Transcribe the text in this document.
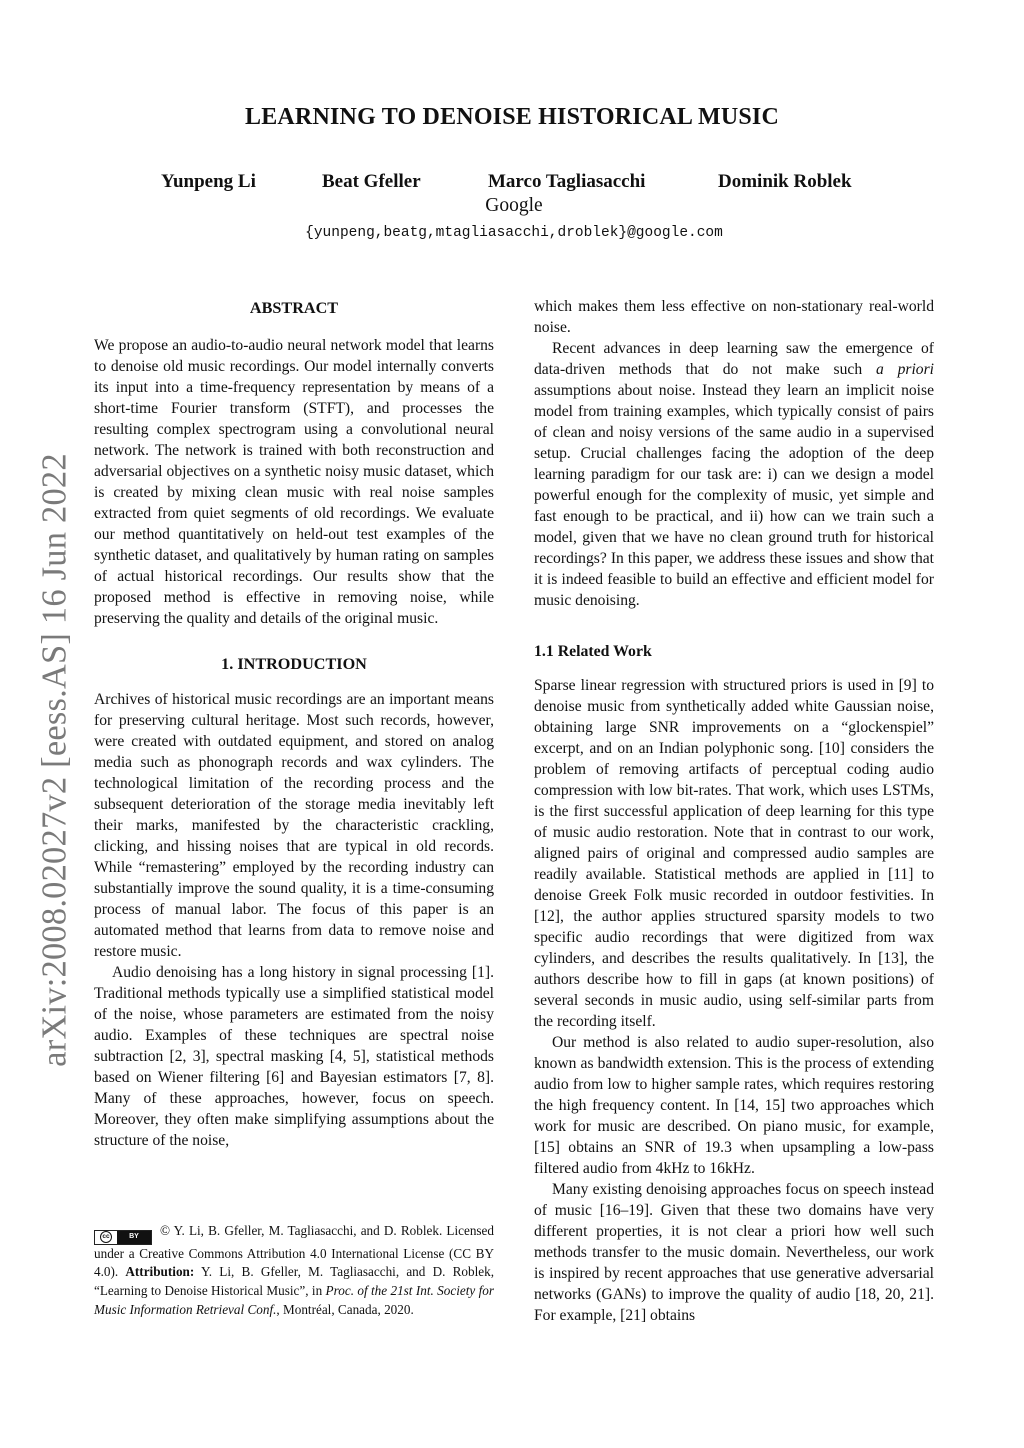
arXiv:2008.02027v2 [eess.AS] 16 Jun 2022
LEARNING TO DENOISE HISTORICAL MUSIC
Yunpeng Li	Beat Gfeller	Marco Tagliasacchi	Dominik Roblek
Google
{yunpeng,beatg,mtagliasacchi,droblek}@google.com
ABSTRACT

We propose an audio-to-audio neural network model that learns to denoise old music recordings. Our model internally converts its input into a time-frequency representation by means of a short-time Fourier transform (STFT), and processes the resulting complex spectrogram using a convolutional neural network. The network is trained with both reconstruction and adversarial objectives on a synthetic noisy music dataset, which is created by mixing clean music with real noise samples extracted from quiet segments of old recordings. We evaluate our method quantitatively on held-out test examples of the synthetic dataset, and qualitatively by human rating on samples of actual historical recordings. Our results show that the proposed method is effective in removing noise, while preserving the quality and details of the original music.

1. INTRODUCTION

Archives of historical music recordings are an important means for preserving cultural heritage. Most such records, however, were created with outdated equipment, and stored on analog media such as phonograph records and wax cylinders. The technological limitation of the recording process and the subsequent deterioration of the storage media inevitably left their marks, manifested by the characteristic crackling, clicking, and hissing noises that are typical in old records. While “remastering” employed by the recording industry can substantially improve the sound quality, it is a time-consuming process of manual labor. The focus of this paper is an automated method that learns from data to remove noise and restore music.

Audio denoising has a long history in signal processing [1]. Traditional methods typically use a simplified statistical model of the noise, whose parameters are estimated from the noisy audio. Examples of these techniques are spectral noise subtraction [2, 3], spectral masking [4, 5], statistical methods based on Wiener filtering [6] and Bayesian estimators [7, 8]. Many of these approaches, however, focus on speech. Moreover, they often make simplifying assumptions about the structure of the noise,

cc	BY	© Y. Li, B. Gfeller, M. Tagliasacchi, and D. Roblek. Licensed under a Creative Commons Attribution 4.0 International License (CC BY 4.0). Attribution: Y. Li, B. Gfeller, M. Tagliasacchi, and D. Roblek, “Learning to Denoise Historical Music”, in Proc. of the 21st Int. Society for Music Information Retrieval Conf., Montréal, Canada, 2020.

which makes them less effective on non-stationary real-world noise.

Recent advances in deep learning saw the emergence of data-driven methods that do not make such a priori assumptions about noise. Instead they learn an implicit noise model from training examples, which typically consist of pairs of clean and noisy versions of the same audio in a supervised setup. Crucial challenges facing the adoption of the deep learning paradigm for our task are: i) can we design a model powerful enough for the complexity of music, yet simple and fast enough to be practical, and ii) how can we train such a model, given that we have no clean ground truth for historical recordings? In this paper, we address these issues and show that it is indeed feasible to build an effective and efficient model for music denoising.

1.1 Related Work

Sparse linear regression with structured priors is used in [9] to denoise music from synthetically added white Gaussian noise, obtaining large SNR improvements on a “glockenspiel” excerpt, and on an Indian polyphonic song. [10] considers the problem of removing artifacts of perceptual coding audio compression with low bit-rates. That work, which uses LSTMs, is the first successful application of deep learning for this type of music audio restoration. Note that in contrast to our work, aligned pairs of original and compressed audio samples are readily available. Statistical methods are applied in [11] to denoise Greek Folk music recorded in outdoor festivities. In [12], the author applies structured sparsity models to two specific audio recordings that were digitized from wax cylinders, and describes the results qualitatively. In [13], the authors describe how to fill in gaps (at known positions) of several seconds in music audio, using self-similar parts from the recording itself.

Our method is also related to audio super-resolution, also known as bandwidth extension. This is the process of extending audio from low to higher sample rates, which requires restoring the high frequency content. In [14, 15] two approaches which work for music are described. On piano music, for example, [15] obtains an SNR of 19.3 when upsampling a low-pass filtered audio from 4kHz to 16kHz.

Many existing denoising approaches focus on speech instead of music [16–19]. Given that these two domains have very different properties, it is not clear a priori how well such methods transfer to the music domain. Nevertheless, our work is inspired by recent approaches that use generative adversarial networks (GANs) to improve the quality of audio [18, 20, 21]. For example, [21] obtains
